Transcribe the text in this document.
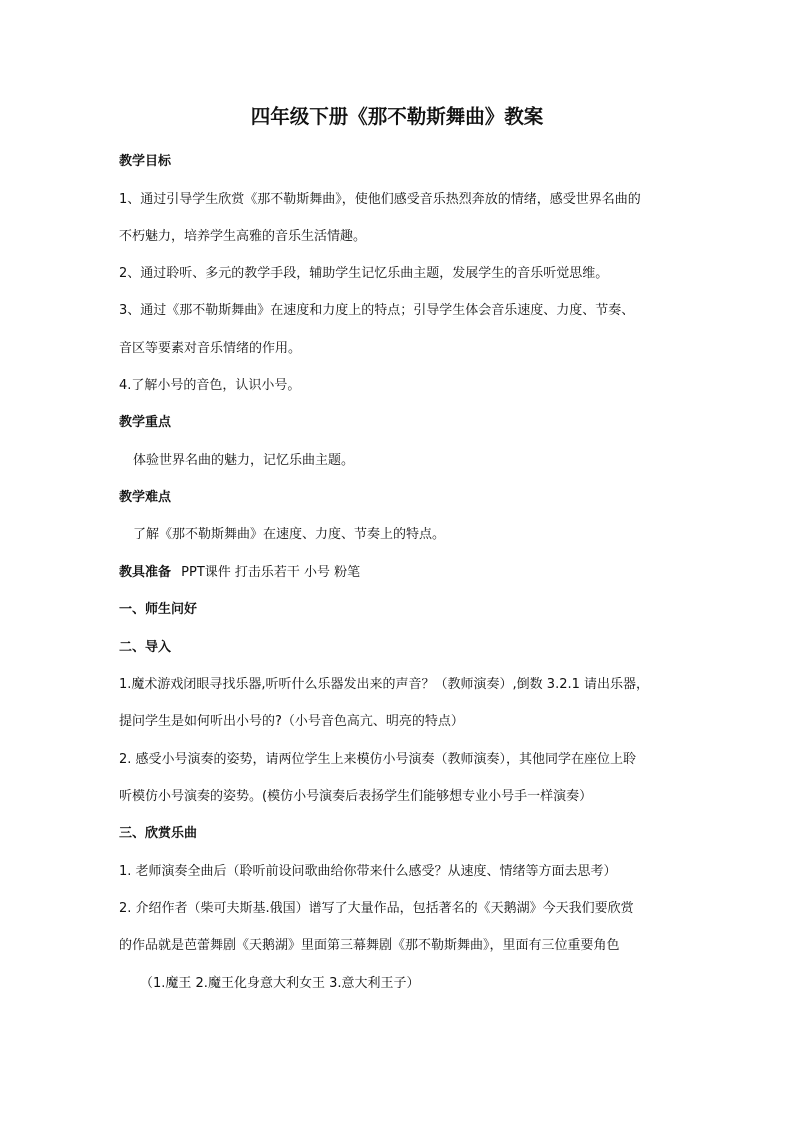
四年级下册《那不勒斯舞曲》教案
教学目标
1、通过引导学生欣赏《那不勒斯舞曲》，使他们感受音乐热烈奔放的情绪，感受世界名曲的
不朽魅力，培养学生高雅的音乐生活情趣。
2、通过聆听、多元的教学手段，辅助学生记忆乐曲主题，发展学生的音乐听觉思维。
3、通过《那不勒斯舞曲》在速度和力度上的特点；引导学生体会音乐速度、力度、节奏、
音区等要素对音乐情绪的作用。
4.了解小号的音色，认识小号。
教学重点
体验世界名曲的魅力，记忆乐曲主题。
教学难点
了解《那不勒斯舞曲》在速度、力度、节奏上的特点。
教具准备 PPT课件 打击乐若干 小号 粉笔
一、师生问好
二、导入
1.魔术游戏闭眼寻找乐器,听听什么乐器发出来的声音？（教师演奏）,倒数 3.2.1 请出乐器，
提问学生是如何听出小号的?（小号音色高亢、明亮的特点）
2. 感受小号演奏的姿势，请两位学生上来模仿小号演奏（教师演奏），其他同学在座位上聆
听模仿小号演奏的姿势。(模仿小号演奏后表扬学生们能够想专业小号手一样演奏）
三、欣赏乐曲
1. 老师演奏全曲后（聆听前设问歌曲给你带来什么感受？从速度、情绪等方面去思考）
2. 介绍作者（柴可夫斯基.俄国）谱写了大量作品，包括著名的《天鹅湖》今天我们要欣赏
的作品就是芭蕾舞剧《天鹅湖》里面第三幕舞剧《那不勒斯舞曲》，里面有三位重要角色
（1.魔王 2.魔王化身意大利女王 3.意大利王子）
